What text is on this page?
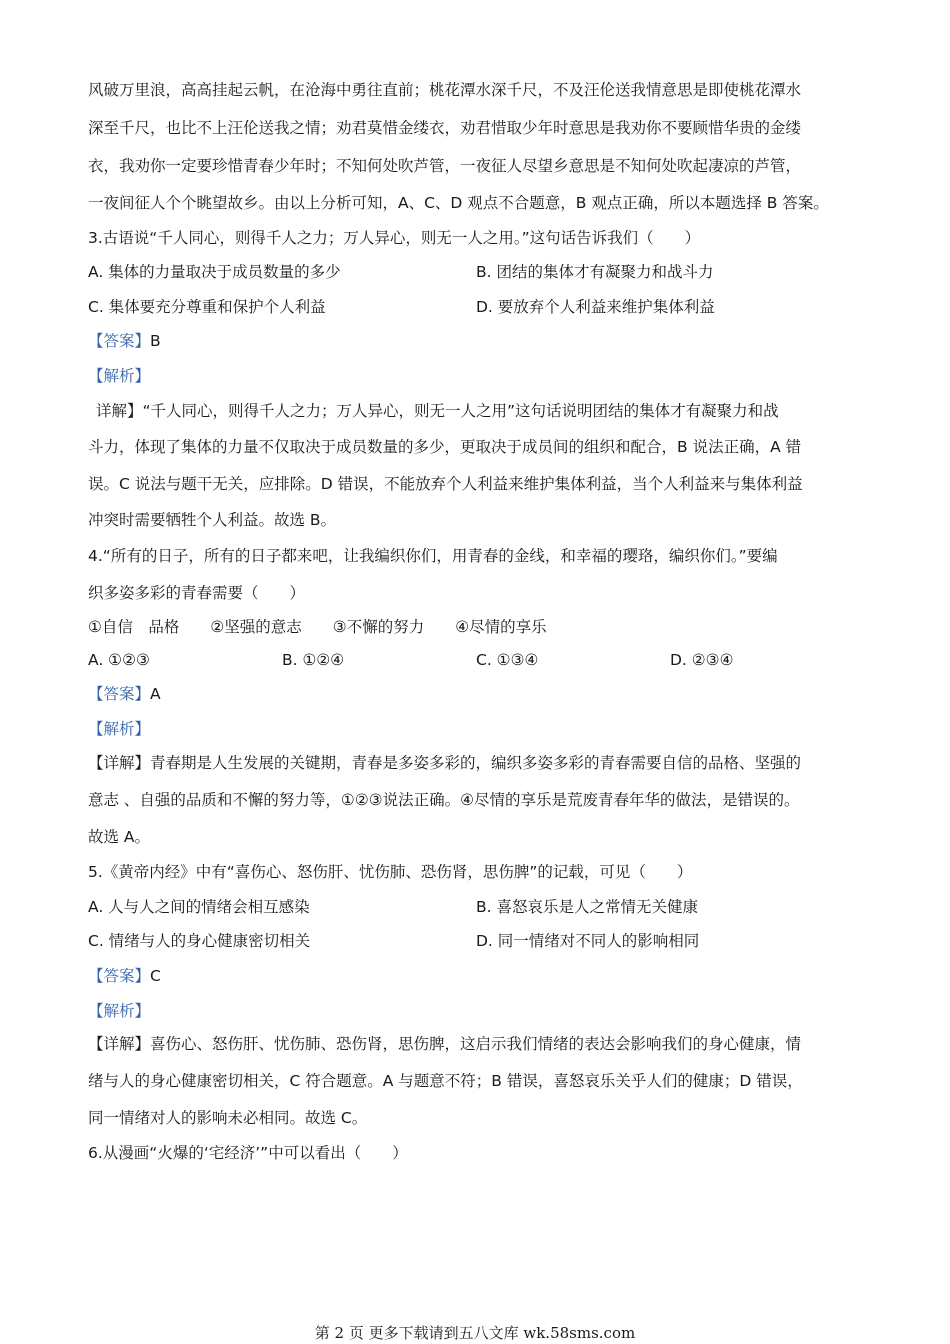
风破万里浪，高高挂起云帆，在沧海中勇往直前；桃花潭水深千尺，不及汪伦送我情意思是即使桃花潭水
深至千尺，也比不上汪伦送我之情；劝君莫惜金缕衣，劝君惜取少年时意思是我劝你不要顾惜华贵的金缕
衣，我劝你一定要珍惜青春少年时；不知何处吹芦管，一夜征人尽望乡意思是不知何处吹起凄凉的芦管，
一夜间征人个个眺望故乡。由以上分析可知，A、C、D 观点不合题意，B 观点正确，所以本题选择 B 答案。
3.古语说“千人同心，则得千人之力；万人异心，则无一人之用。”这句话告诉我们（　　）
A. 集体的力量取决于成员数量的多少	B. 团结的集体才有凝聚力和战斗力
C. 集体要充分尊重和保护个人利益	D. 要放弃个人利益来维护集体利益
【答案】B
【解析】
详解】“千人同心，则得千人之力；万人异心，则无一人之用”这句话说明团结的集体才有凝聚力和战
斗力，体现了集体的力量不仅取决于成员数量的多少，更取决于成员间的组织和配合，B 说法正确，A 错
误。C 说法与题干无关，应排除。D 错误，不能放弃个人利益来维护集体利益，当个人利益来与集体利益
冲突时需要牺牲个人利益。故选 B。
4.“所有的日子，所有的日子都来吧，让我编织你们，用青春的金线，和幸福的璎珞，编织你们。”要编
织多姿多彩的青春需要（　　）
①自信　品格　　②坚强的意志　　③不懈的努力　　④尽情的享乐
A. ①②③	B. ①②④	C. ①③④	D. ②③④
【答案】A
【解析】
【详解】青春期是人生发展的关键期，青春是多姿多彩的，编织多姿多彩的青春需要自信的品格、坚强的
意志 、自强的品质和不懈的努力等，①②③说法正确。④尽情的享乐是荒废青春年华的做法，是错误的。
故选 A。
5.《黄帝内经》中有“喜伤心、怒伤肝、忧伤肺、恐伤肾，思伤脾”的记载，可见（　　）
A. 人与人之间的情绪会相互感染	B. 喜怒哀乐是人之常情无关健康
C. 情绪与人的身心健康密切相关	D. 同一情绪对不同人的影响相同
【答案】C
【解析】
【详解】喜伤心、怒伤肝、忧伤肺、恐伤肾，思伤脾，这启示我们情绪的表达会影响我们的身心健康，情
绪与人的身心健康密切相关，C 符合题意。A 与题意不符；B 错误，喜怒哀乐关乎人们的健康；D 错误，
同一情绪对人的影响未必相同。故选 C。
6.从漫画“火爆的‘宅经济’”中可以看出（　　）
第 2 页 更多下载请到五八文库 wk.58sms.com
